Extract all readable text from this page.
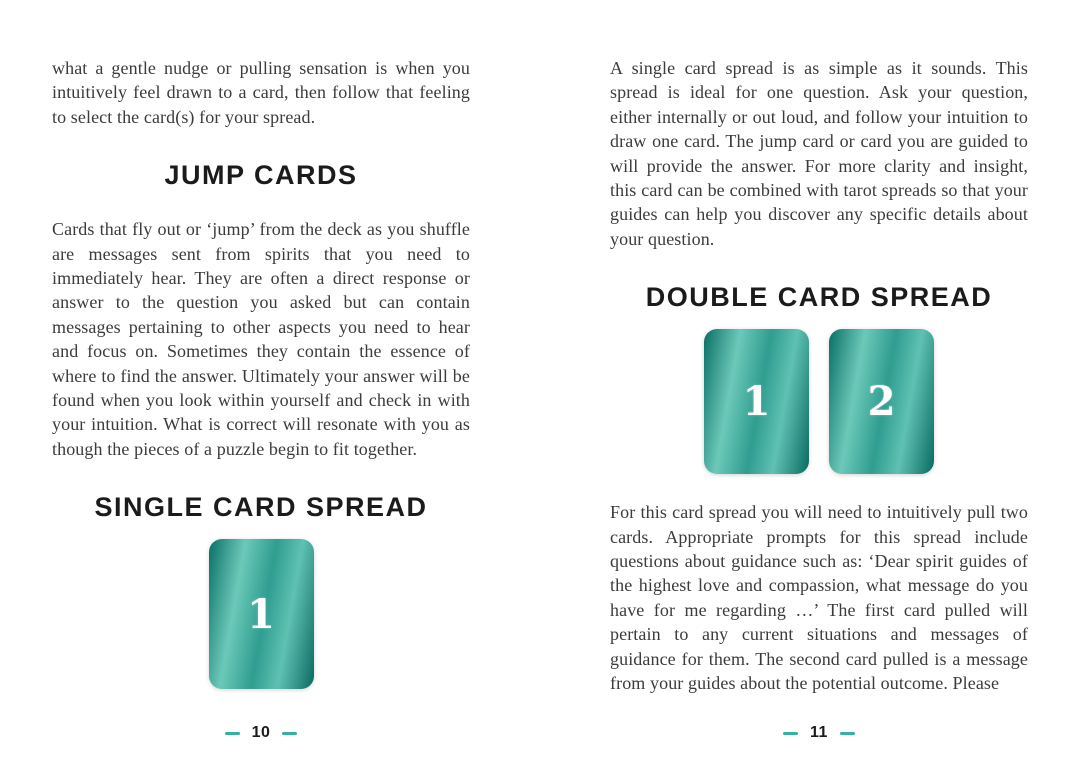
what a gentle nudge or pulling sensation is when you intuitively feel drawn to a card, then follow that feeling to select the card(s) for your spread.

JUMP CARDS

Cards that fly out or ‘jump’ from the deck as you shuffle are messages sent from spirits that you need to immediately hear. They are often a direct response or answer to the question you asked but can contain messages pertaining to other aspects you need to hear and focus on. Sometimes they contain the essence of where to find the answer. Ultimately your answer will be found when you look within yourself and check in with your intuition. What is correct will resonate with you as though the pieces of a puzzle begin to fit together.

SINGLE CARD SPREAD
1
10

A single card spread is as simple as it sounds. This spread is ideal for one question. Ask your question, either internally or out loud, and follow your intuition to draw one card. The jump card or card you are guided to will provide the answer. For more clarity and insight, this card can be combined with tarot spreads so that your guides can help you discover any specific details about your question.

DOUBLE CARD SPREAD
1 2

For this card spread you will need to intuitively pull two cards. Appropriate prompts for this spread include questions about guidance such as: ‘Dear spirit guides of the highest love and compassion, what message do you have for me regarding …’ The first card pulled will pertain to any current situations and messages of guidance for them. The second card pulled is a message from your guides about the potential outcome. Please

11
